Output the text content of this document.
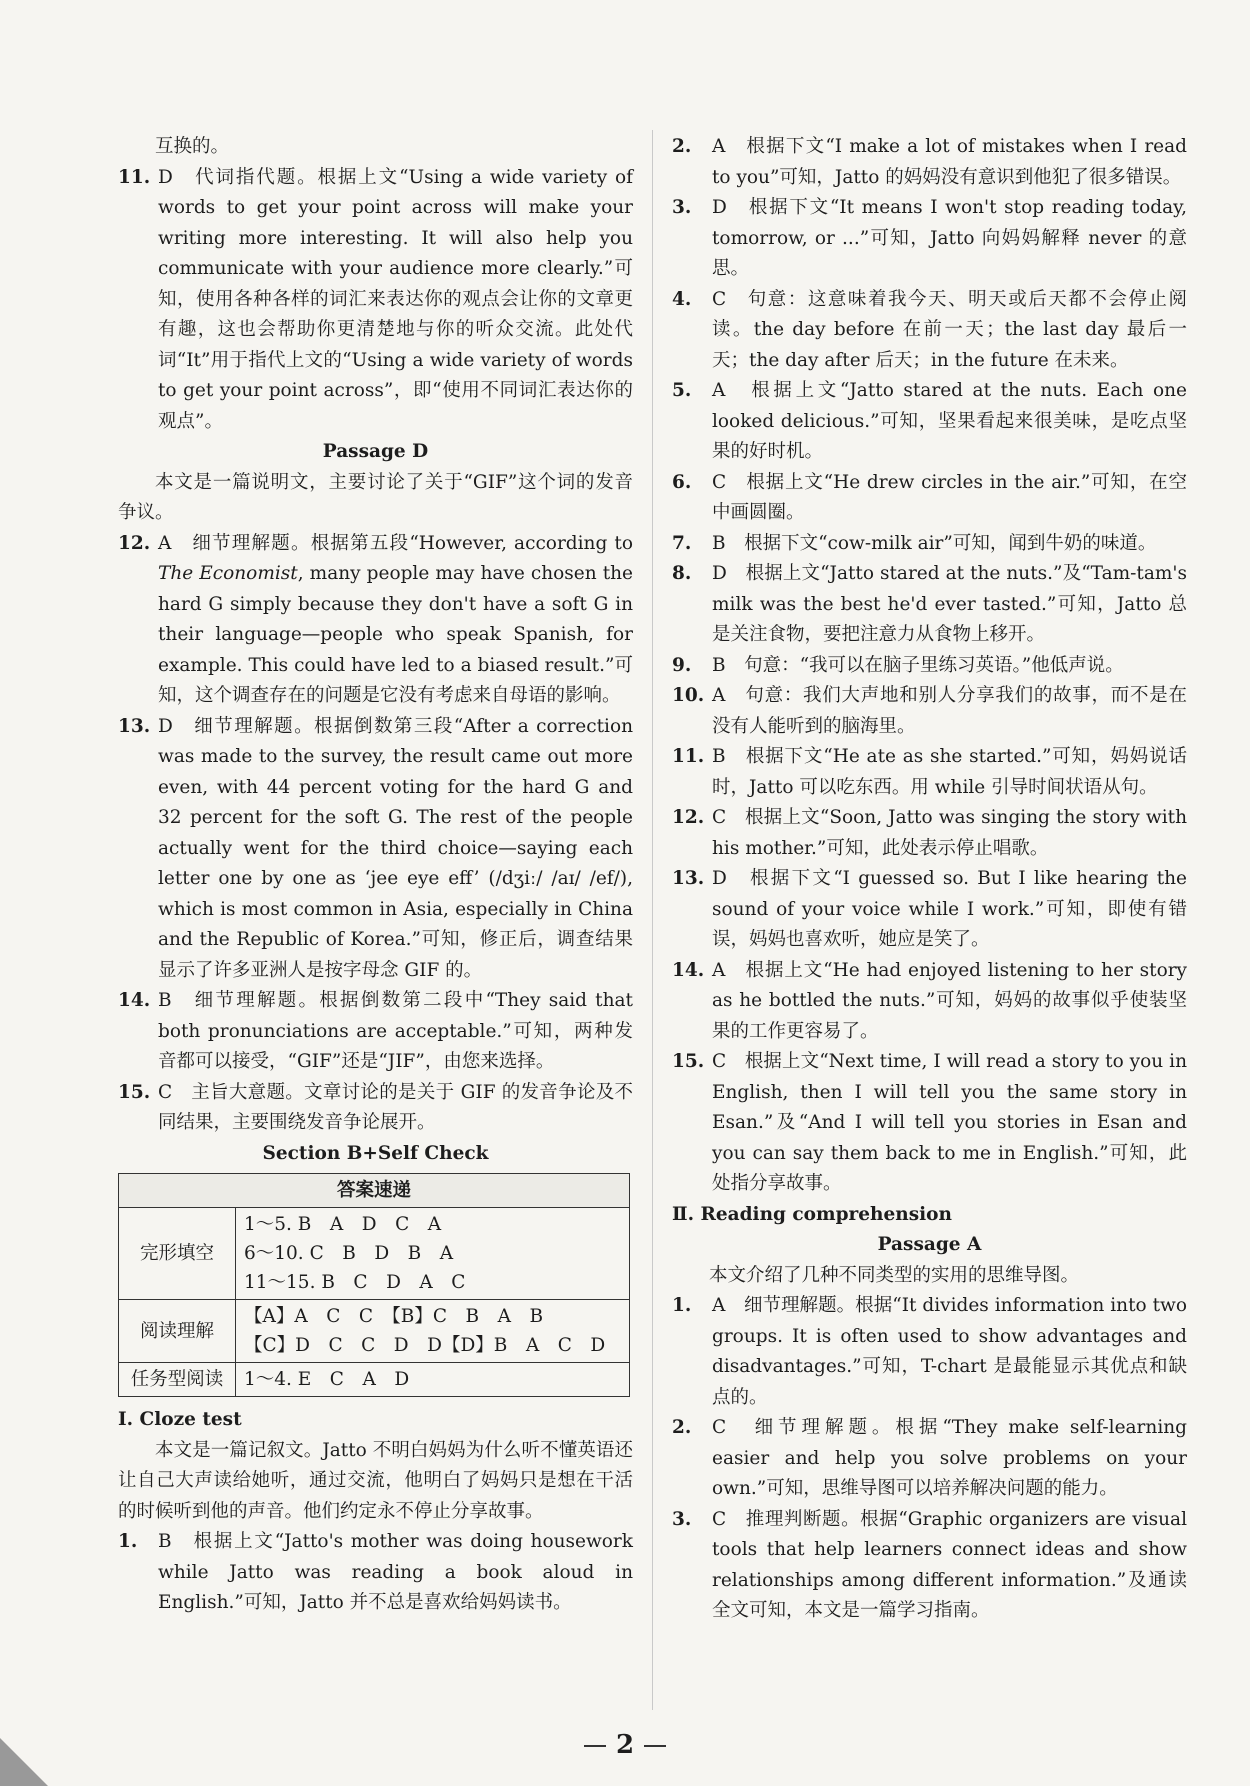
互换的。

11. D　代词指代题。根据上文“Using a wide variety of words to get your point across will make your writing more interesting. It will also help you communicate with your audience more clearly.”可知，使用各种各样的词汇来表达你的观点会让你的文章更有趣，这也会帮助你更清楚地与你的听众交流。此处代词“It”用于指代上文的“Using a wide variety of words to get your point across”，即“使用不同词汇表达你的观点”。

Passage D

本文是一篇说明文，主要讨论了关于“GIF”这个词的发音争议。

12. A　细节理解题。根据第五段“However, according to The Economist, many people may have chosen the hard G simply because they don't have a soft G in their language—people who speak Spanish, for example. This could have led to a biased result.”可知，这个调查存在的问题是它没有考虑来自母语的影响。
13. D　细节理解题。根据倒数第三段“After a correction was made to the survey, the result came out more even, with 44 percent voting for the hard G and 32 percent for the soft G. The rest of the people actually went for the third choice—saying each letter one by one as ‘jee eye eff’ (/dʒiː/ /aɪ/ /ef/), which is most common in Asia, especially in China and the Republic of Korea.”可知，修正后，调查结果显示了许多亚洲人是按字母念 GIF 的。
14. B　细节理解题。根据倒数第二段中“They said that both pronunciations are acceptable.”可知，两种发音都可以接受，“GIF”还是“JIF”，由您来选择。
15. C　主旨大意题。文章讨论的是关于 GIF 的发音争论及不同结果，主要围绕发音争论展开。

Section B+Self Check

答案速递	
完形填空	1～5. B　A　D　C　A
6～10. C　B　D　B　A
11～15. B　C　D　A　C

阅读理解	【A】A　C　C　【B】C　B　A　B
【C】D　C　C　D　D【D】B　A　C　D

任务型阅读	1～4. E　C　A　D

Ⅰ. Cloze test

本文是一篇记叙文。Jatto 不明白妈妈为什么听不懂英语还让自己大声读给她听，通过交流，他明白了妈妈只是想在干活的时候听到他的声音。他们约定永不停止分享故事。

1. B　根据上文“Jatto's mother was doing housework while Jatto was reading a book aloud in English.”可知，Jatto 并不总是喜欢给妈妈读书。
2. A　根据下文“I make a lot of mistakes when I read to you”可知，Jatto 的妈妈没有意识到他犯了很多错误。
3. D　根据下文“It means I won't stop reading today, tomorrow, or ...”可知，Jatto 向妈妈解释 never 的意思。
4. C　句意：这意味着我今天、明天或后天都不会停止阅读。the day before 在前一天；the last day 最后一天；the day after 后天；in the future 在未来。
5. A　根据上文“Jatto stared at the nuts. Each one looked delicious.”可知，坚果看起来很美味，是吃点坚果的好时机。
6. C　根据上文“He drew circles in the air.”可知，在空中画圆圈。
7. B　根据下文“cow-milk air”可知，闻到牛奶的味道。
8. D　根据上文“Jatto stared at the nuts.”及“Tam-tam's milk was the best he'd ever tasted.”可知，Jatto 总是关注食物，要把注意力从食物上移开。
9. B　句意：“我可以在脑子里练习英语。”他低声说。
10. A　句意：我们大声地和别人分享我们的故事，而不是在没有人能听到的脑海里。
11. B　根据下文“He ate as she started.”可知，妈妈说话时，Jatto 可以吃东西。用 while 引导时间状语从句。
12. C　根据上文“Soon, Jatto was singing the story with his mother.”可知，此处表示停止唱歌。
13. D　根据下文“I guessed so. But I like hearing the sound of your voice while I work.”可知，即使有错误，妈妈也喜欢听，她应是笑了。
14. A　根据上文“He had enjoyed listening to her story as he bottled the nuts.”可知，妈妈的故事似乎使装坚果的工作更容易了。
15. C　根据上文“Next time, I will read a story to you in English, then I will tell you the same story in Esan.”及“And I will tell you stories in Esan and you can say them back to me in English.”可知，此处指分享故事。

Ⅱ. Reading comprehension

Passage A

本文介绍了几种不同类型的实用的思维导图。

1. A　细节理解题。根据“It divides information into two groups. It is often used to show advantages and disadvantages.”可知，T-chart 是最能显示其优点和缺点的。
2. C　细节理解题。根据“They make self-learning easier and help you solve problems on your own.”可知，思维导图可以培养解决问题的能力。
3. C　推理判断题。根据“Graphic organizers are visual tools that help learners connect ideas and show relationships among different information.”及通读全文可知，本文是一篇学习指南。
2
